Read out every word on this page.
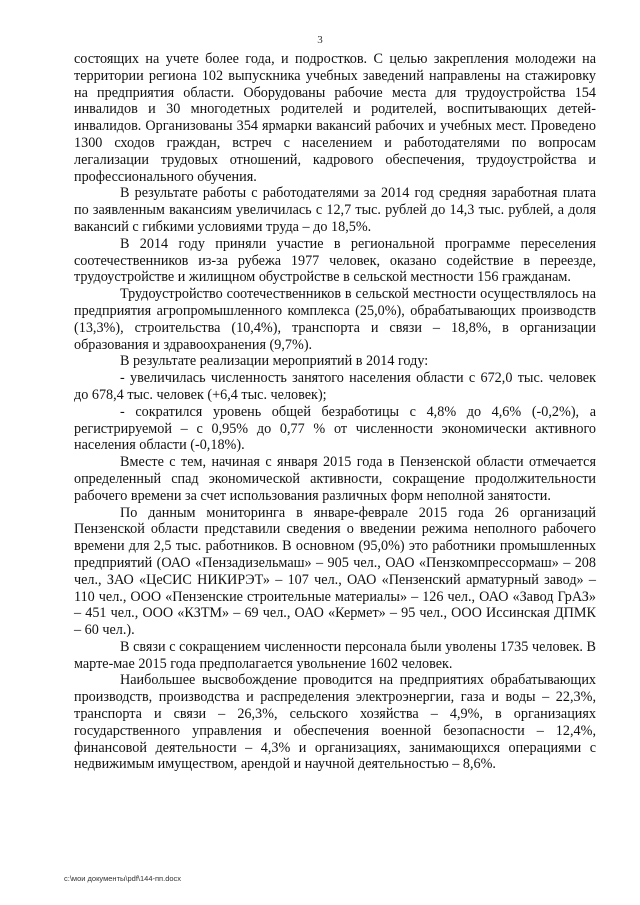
3

состоящих на учете более года, и подростков. С целью закрепления молодежи на территории региона 102 выпускника учебных заведений направлены на стажировку на предприятия области. Оборудованы рабочие места для трудоустройства 154 инвалидов и 30 многодетных родителей и родителей, воспитывающих детей-инвалидов. Организованы 354 ярмарки вакансий рабочих и учебных мест. Проведено 1300 сходов граждан, встреч с населением и работодателями по вопросам легализации трудовых отношений, кадрового обеспечения, трудоустройства и профессионального обучения.

В результате работы с работодателями за 2014 год средняя заработная плата по заявленным вакансиям увеличилась с 12,7 тыс. рублей до 14,3 тыс. рублей, а доля вакансий с гибкими условиями труда – до 18,5%.

В 2014 году приняли участие в региональной программе переселения соотечественников из-за рубежа 1977 человек, оказано содействие в переезде, трудоустройстве и жилищном обустройстве в сельской местности 156 гражданам.

Трудоустройство соотечественников в сельской местности осуществлялось на предприятия агропромышленного комплекса (25,0%), обрабатывающих производств (13,3%), строительства (10,4%), транспорта и связи – 18,8%, в организации образования и здравоохранения (9,7%).

В результате реализации мероприятий в 2014 году:

- увеличилась численность занятого населения области с 672,0 тыс. человек до 678,4 тыс. человек (+6,4 тыс. человек);

- сократился уровень общей безработицы с 4,8% до 4,6% (-0,2%), а регистрируемой – с 0,95% до 0,77 % от численности экономически активного населения области (-0,18%).

Вместе с тем, начиная с января 2015 года в Пензенской области отмечается определенный спад экономической активности, сокращение продолжительности рабочего времени за счет использования различных форм неполной занятости.

По данным мониторинга в январе-феврале 2015 года 26 организаций Пензенской области представили сведения о введении режима неполного рабочего времени для 2,5 тыс. работников. В основном (95,0%) это работники промышленных предприятий (ОАО «Пензадизельмаш» – 905 чел., ОАО «Пензкомпрессормаш» – 208 чел., ЗАО «ЦеСИС НИКИРЭТ» – 107 чел., ОАО «Пензенский арматурный завод» – 110 чел., ООО «Пензенские строительные материалы» – 126 чел., ОАО «Завод ГрАЗ» – 451 чел., ООО «КЗТМ» – 69 чел., ОАО «Кермет» – 95 чел., ООО Иссинская ДПМК – 60 чел.).

В связи с сокращением численности персонала были уволены 1735 человек. В марте-мае 2015 года предполагается увольнение 1602 человек.

Наибольшее высвобождение проводится на предприятиях обрабатывающих производств, производства и распределения электроэнергии, газа и воды – 22,3%, транспорта и связи – 26,3%, сельского хозяйства – 4,9%, в организациях государственного управления и обеспечения военной безопасности – 12,4%, финансовой деятельности – 4,3% и организациях, занимающихся операциями с недвижимым имуществом, арендой и научной деятельностью – 8,6%.

c:\мои документы\pdf\144-пп.docx
